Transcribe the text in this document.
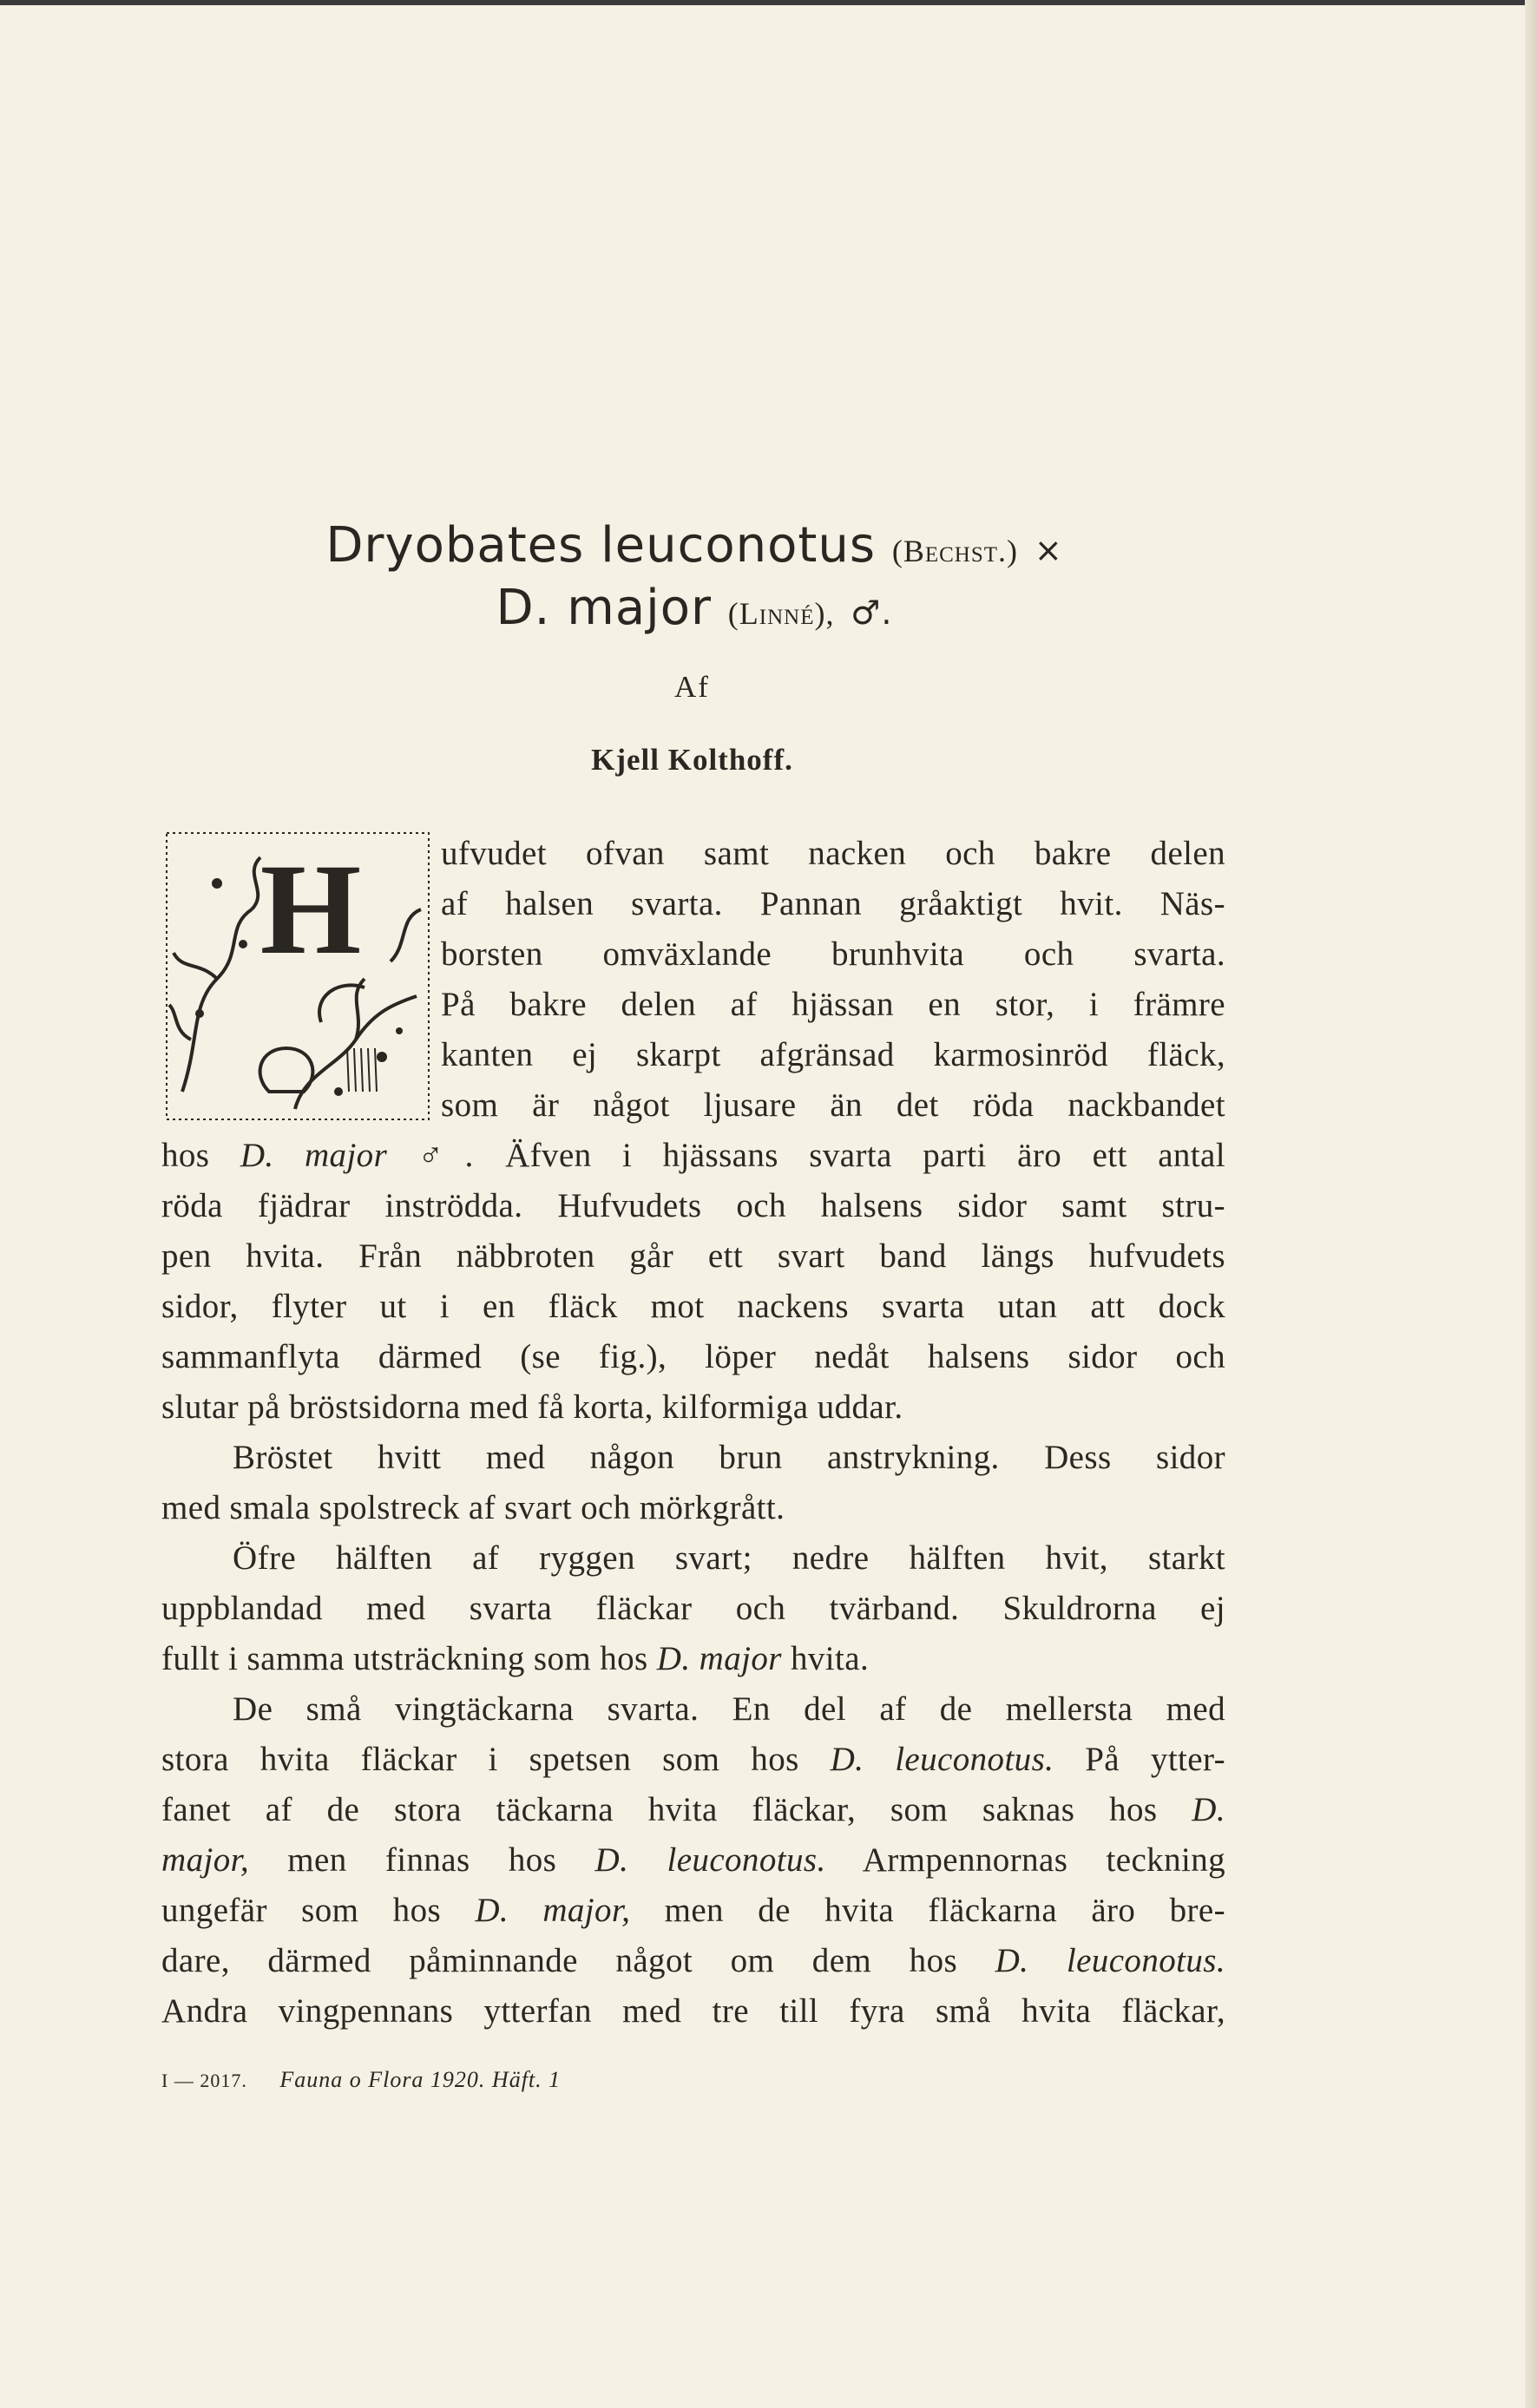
Dryobates leuconotus (Bechst.) ×
D. major (Linné), ♂.
Af
Kjell Kolthoff.
H ufvudet ofvan samt nacken och bakre delen
af halsen svarta. Pannan gråaktigt hvit. Näs-
borsten omväxlande brunhvita och svarta.
På bakre delen af hjässan en stor, i främre
kanten ej skarpt afgränsad karmosinröd fläck,
som är något ljusare än det röda nackbandet
hos D. major ♂. Äfven i hjässans svarta parti äro ett antal
röda fjädrar inströdda. Hufvudets och halsens sidor samt stru-
pen hvita. Från näbbroten går ett svart band längs hufvudets
sidor, flyter ut i en fläck mot nackens svarta utan att dock
sammanflyta därmed (se fig.), löper nedåt halsens sidor och
slutar på bröstsidorna med få korta, kilformiga uddar.
Bröstet hvitt med någon brun anstrykning. Dess sidor
med smala spolstreck af svart och mörkgrått.
Öfre hälften af ryggen svart; nedre hälften hvit, starkt
uppblandad med svarta fläckar och tvärband. Skuldrorna ej
fullt i samma utsträckning som hos D. major hvita.
De små vingtäckarna svarta. En del af de mellersta med
stora hvita fläckar i spetsen som hos D. leuconotus. På ytter-
fanet af de stora täckarna hvita fläckar, som saknas hos D.
major, men finnas hos D. leuconotus. Armpennornas teckning
ungefär som hos D. major, men de hvita fläckarna äro bre-
dare, därmed påminnande något om dem hos D. leuconotus.
Andra vingpennans ytterfan med tre till fyra små hvita fläckar,
I — 2017. Fauna o Flora 1920. Häft. 1
